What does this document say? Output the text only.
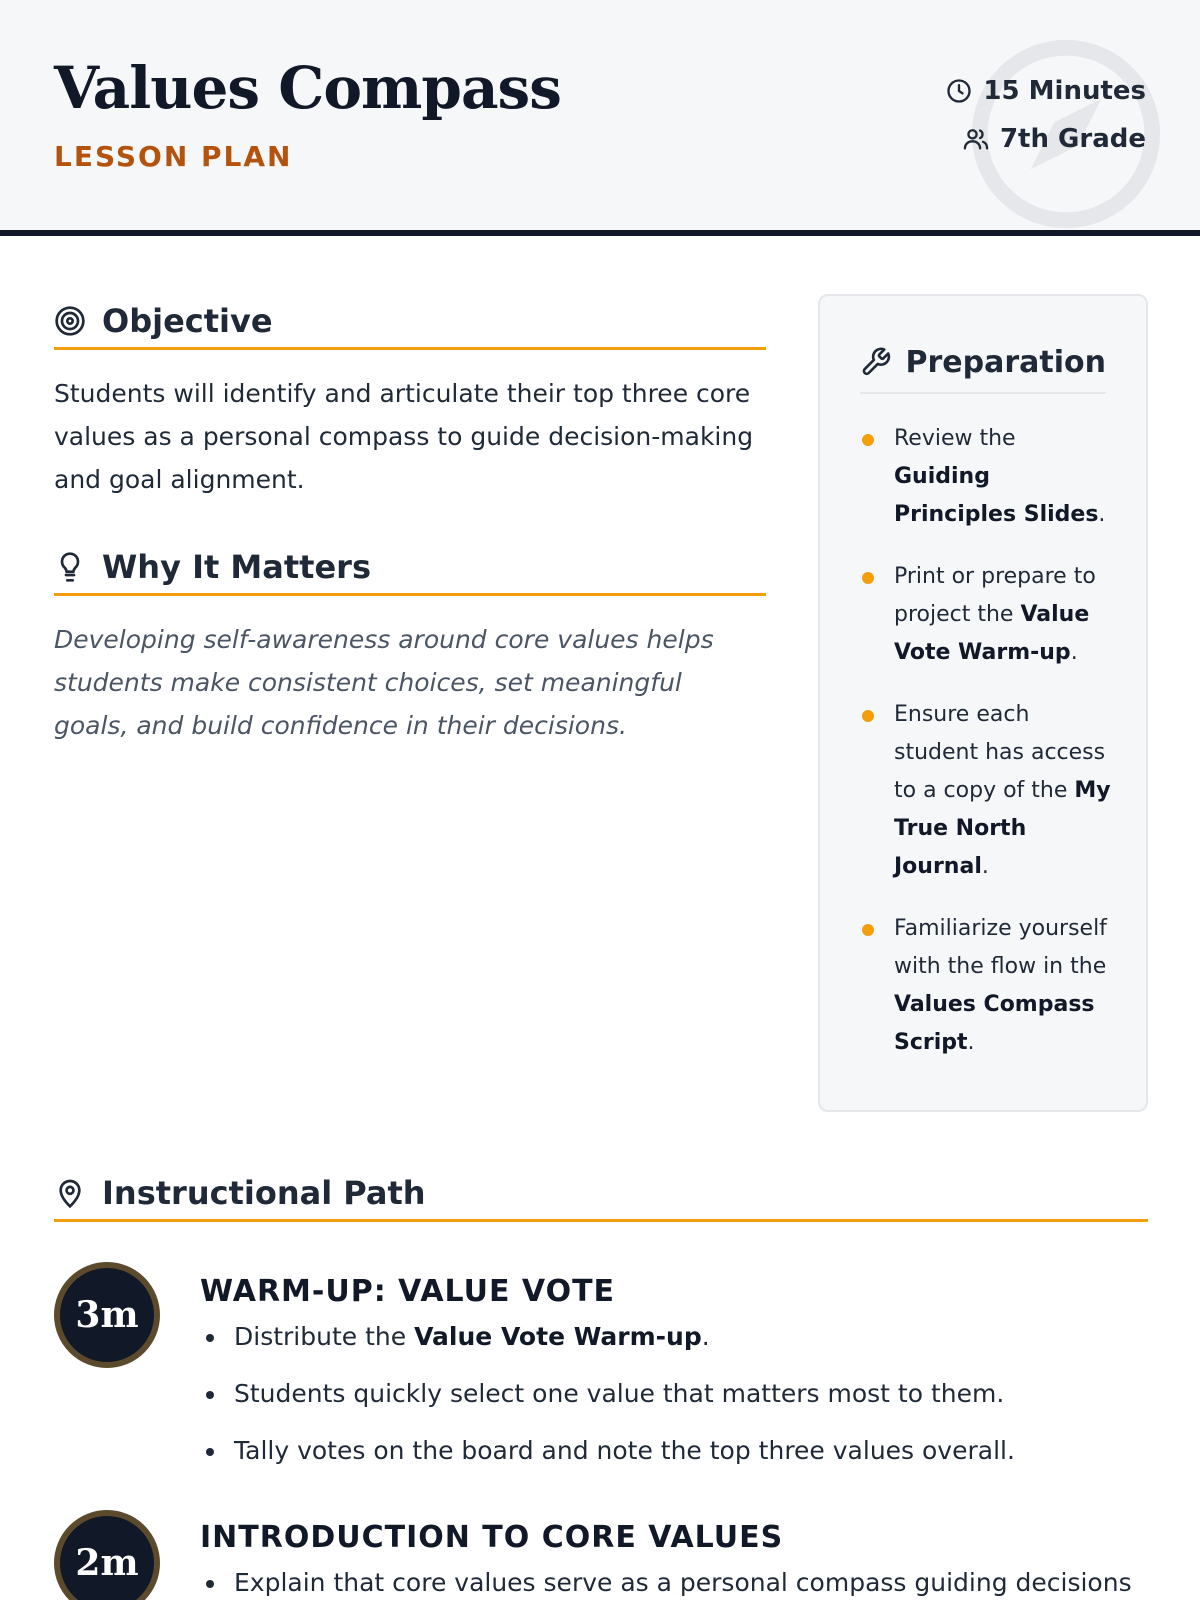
Values Compass
LESSON PLAN
15 Minutes
7th Grade
Objective

Students will identify and articulate their top three core values as a personal compass to guide decision-making and goal alignment.

Why It Matters

Developing self-awareness around core values helps students make consistent choices, set meaningful goals, and build confidence in their decisions.

Preparation
Review the Guiding Principles Slides.
Print or prepare to project the Value Vote Warm-up.
Ensure each student has access to a copy of the My True North Journal.
Familiarize yourself with the flow in the Values Compass Script.
Instructional Path
3m
WARM-UP: VALUE VOTE
Distribute the Value Vote Warm-up.
Students quickly select one value that matters most to them.
Tally votes on the board and note the top three values overall.
2m
INTRODUCTION TO CORE VALUES
Explain that core values serve as a personal compass guiding decisions
